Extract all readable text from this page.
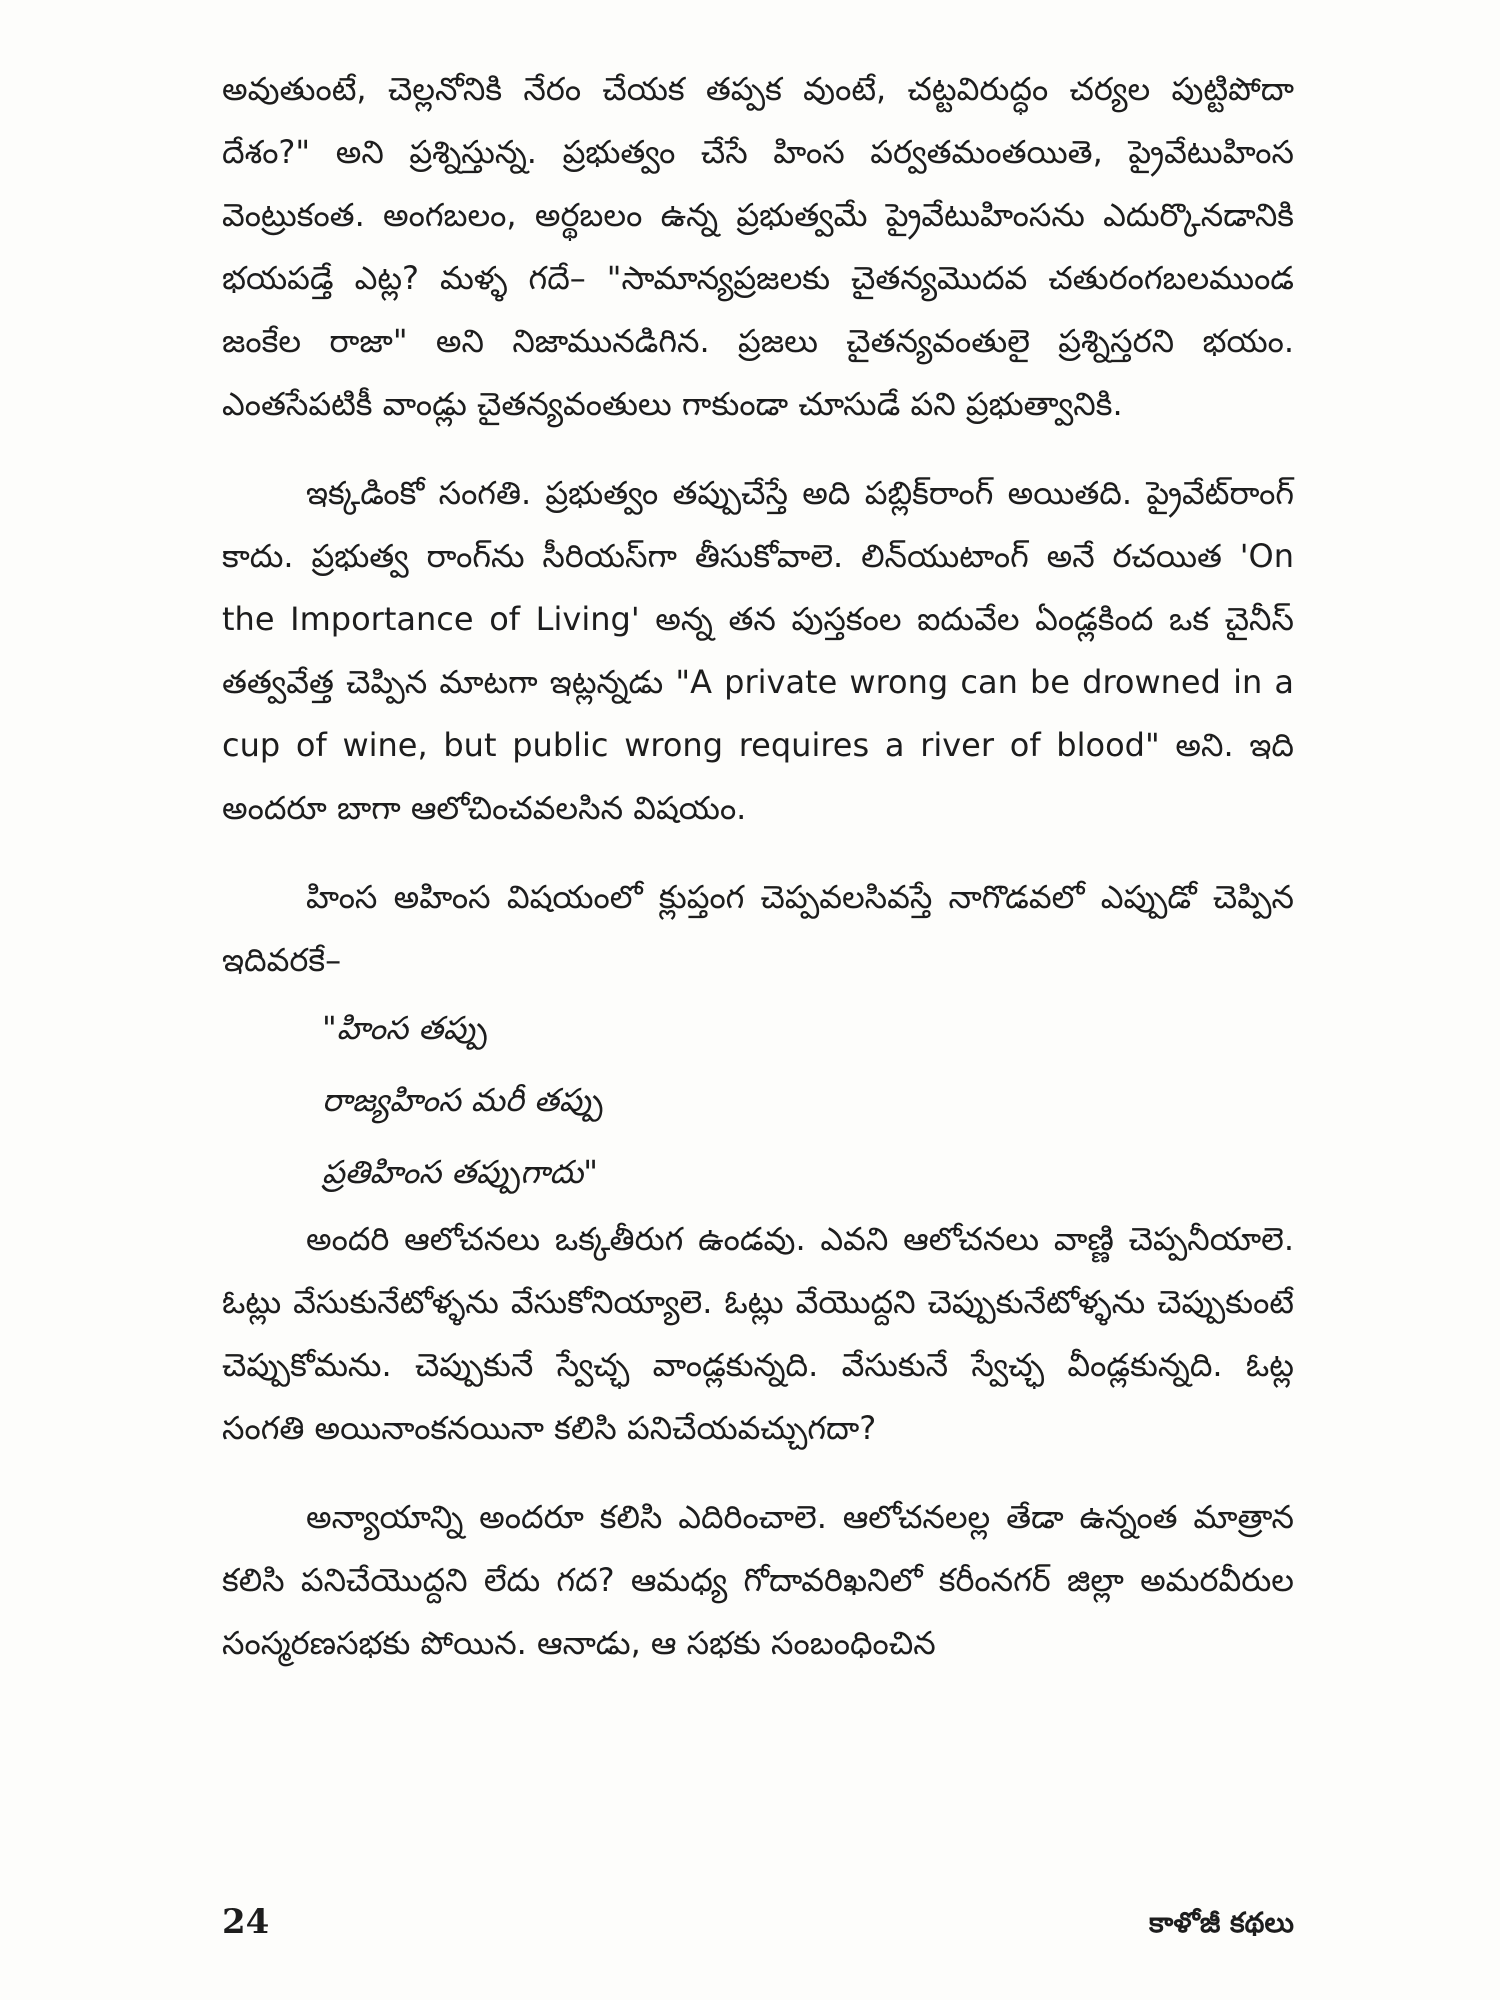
అవుతుంటే, చెల్లనోనికి నేరం చేయక తప్పక వుంటే, చట్టవిరుద్ధం చర్యల పుట్టిపోదా దేశం?" అని ప్రశ్నిస్తున్న. ప్రభుత్వం చేసే హింస పర్వతమంతయితె, ప్రైవేటుహింస వెంట్రుకంత. అంగబలం, అర్థబలం ఉన్న ప్రభుత్వమే ప్రైవేటుహింసను ఎదుర్కొనడానికి భయపడ్తే ఎట్ల? మళ్ళ గదే– "సామాన్యప్రజలకు చైతన్యమొదవ చతురంగబలముండ జంకేల రాజా" అని నిజామునడిగిన. ప్రజలు చైతన్యవంతులై ప్రశ్నిస్తరని భయం. ఎంతసేపటికీ వాండ్లు చైతన్యవంతులు గాకుండా చూసుడే పని ప్రభుత్వానికి.

ఇక్కడింకో సంగతి. ప్రభుత్వం తప్పుచేస్తే అది పబ్లిక్‌రాంగ్ అయితది. ప్రైవేట్‌రాంగ్ కాదు. ప్రభుత్వ రాంగ్‌ను సీరియస్‌గా తీసుకోవాలె. లిన్‌యుటాంగ్ అనే రచయిత 'On the Importance of Living' అన్న తన పుస్తకంల ఐదువేల ఏండ్లకింద ఒక చైనీస్ తత్వవేత్త చెప్పిన మాటగా ఇట్లన్నడు "A private wrong can be drowned in a cup of wine, but public wrong requires a river of blood" అని. ఇది అందరూ బాగా ఆలోచించవలసిన విషయం.

హింస అహింస విషయంలో క్లుప్తంగ చెప్పవలసివస్తే నాగొడవలో ఎప్పుడో చెప్పిన ఇదివరకే–

"హింస తప్పు
రాజ్యహింస మరీ తప్పు
ప్రతిహింస తప్పుగాదు"

అందరి ఆలోచనలు ఒక్కతీరుగ ఉండవు. ఎవని ఆలోచనలు వాణ్ణి చెప్పనీయాలె. ఓట్లు వేసుకునేటోళ్ళను వేసుకోనియ్యాలె. ఓట్లు వేయొద్దని చెప్పుకునేటోళ్ళను చెప్పుకుంటే చెప్పుకోమను. చెప్పుకునే స్వేచ్ఛ వాండ్లకున్నది. వేసుకునే స్వేచ్ఛ వీండ్లకున్నది. ఓట్ల సంగతి అయినాంకనయినా కలిసి పనిచేయవచ్చుగదా?

అన్యాయాన్ని అందరూ కలిసి ఎదిరించాలె. ఆలోచనలల్ల తేడా ఉన్నంత మాత్రాన కలిసి పనిచేయొద్దని లేదు గద? ఆమధ్య గోదావరిఖనిలో కరీంనగర్ జిల్లా అమరవీరుల సంస్మరణసభకు పోయిన. ఆనాడు, ఆ సభకు సంబంధించిన

24	కాళోజీ కథలు
